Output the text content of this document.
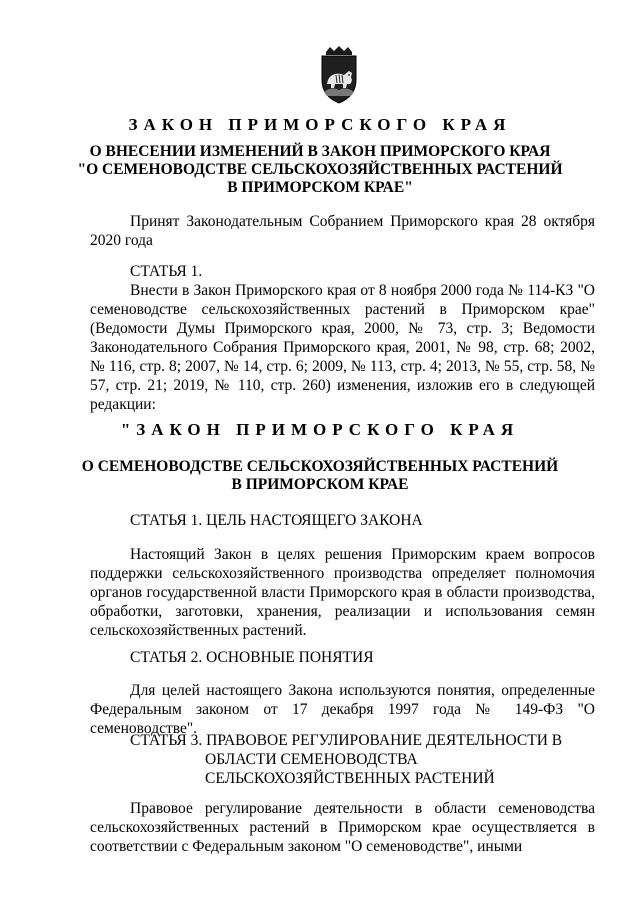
ЗАКОН ПРИМОРСКОГО КРАЯ
О ВНЕСЕНИИ ИЗМЕНЕНИЙ В ЗАКОН ПРИМОРСКОГО КРАЯ
"О СЕМЕНОВОДСТВЕ СЕЛЬСКОХОЗЯЙСТВЕННЫХ РАСТЕНИЙ
В ПРИМОРСКОМ КРАЕ"

Принят Законодательным Собранием Приморского края 28 октября 2020 года

СТАТЬЯ 1.

Внести в Закон Приморского края от 8 ноября 2000 года № 114-КЗ "О семеноводстве сельскохозяйственных растений в Приморском крае" (Ведомости Думы Приморского края, 2000, № 73, стр. 3; Ведомости Законодательного Собрания Приморского края, 2001, № 98, стр. 68; 2002, № 116, стр. 8; 2007, № 14, стр. 6; 2009, № 113, стр. 4; 2013, № 55, стр. 58, № 57, стр. 21; 2019, № 110, стр. 260) изменения, изложив его в следующей редакции:

"ЗАКОН ПРИМОРСКОГО КРАЯ
О СЕМЕНОВОДСТВЕ СЕЛЬСКОХОЗЯЙСТВЕННЫХ РАСТЕНИЙ
В ПРИМОРСКОМ КРАЕ
СТАТЬЯ 1. ЦЕЛЬ НАСТОЯЩЕГО ЗАКОНА

Настоящий Закон в целях решения Приморским краем вопросов поддержки сельскохозяйственного производства определяет полномочия органов государственной власти Приморского края в области производства, обработки, заготовки, хранения, реализации и использования семян сельскохозяйственных растений.

СТАТЬЯ 2. ОСНОВНЫЕ ПОНЯТИЯ

Для целей настоящего Закона используются понятия, определенные Федеральным законом от 17 декабря 1997 года № 149-ФЗ "О семеноводстве".

СТАТЬЯ 3. ПРАВОВОЕ РЕГУЛИРОВАНИЕ ДЕЯТЕЛЬНОСТИ В
ОБЛАСТИ СЕМЕНОВОДСТВА
СЕЛЬСКОХОЗЯЙСТВЕННЫХ РАСТЕНИЙ

Правовое регулирование деятельности в области семеноводства сельскохозяйственных растений в Приморском крае осуществляется в соответствии с Федеральным законом "О семеноводстве", иными
